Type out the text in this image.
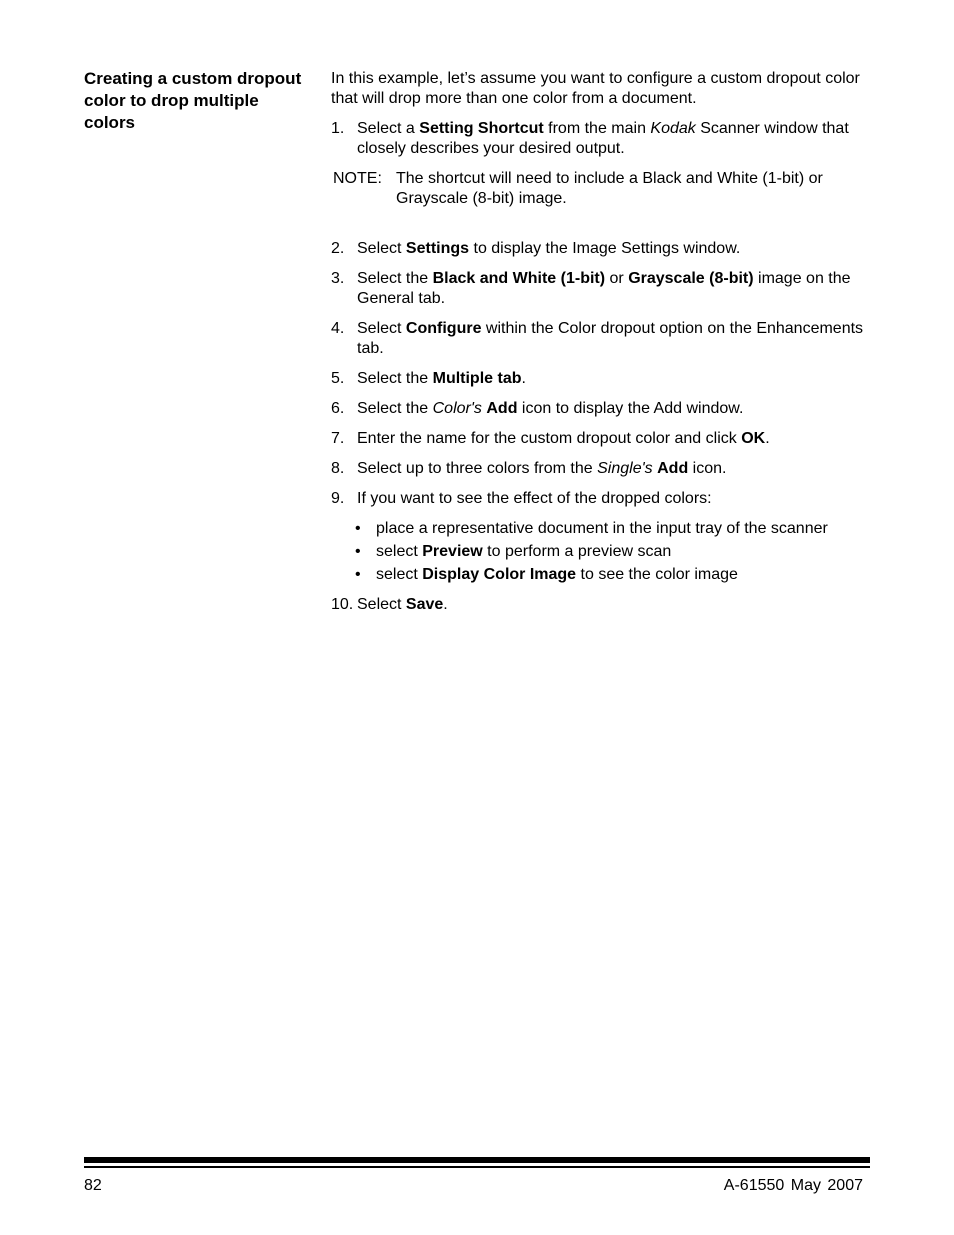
Creating a custom dropout color to drop multiple colors

In this example, let’s assume you want to configure a custom dropout color that will drop more than one color from a document.

1. Select a Setting Shortcut from the main Kodak Scanner window that closely describes your desired output.
NOTE: The shortcut will need to include a Black and White (1-bit) or Grayscale (8-bit) image.
2. Select Settings to display the Image Settings window.
3. Select the Black and White (1-bit) or Grayscale (8-bit) image on the General tab.
4. Select Configure within the Color dropout option on the Enhancements tab.
5. Select the Multiple tab.
6. Select the Color's Add icon to display the Add window.
7. Enter the name for the custom dropout color and click OK.
8. Select up to three colors from the Single's Add icon.
9. If you want to see the effect of the dropped colors:
• place a representative document in the input tray of the scanner
• select Preview to perform a preview scan
• select Display Color Image to see the color image
10. Select Save.
82	A-61550 May 2007
